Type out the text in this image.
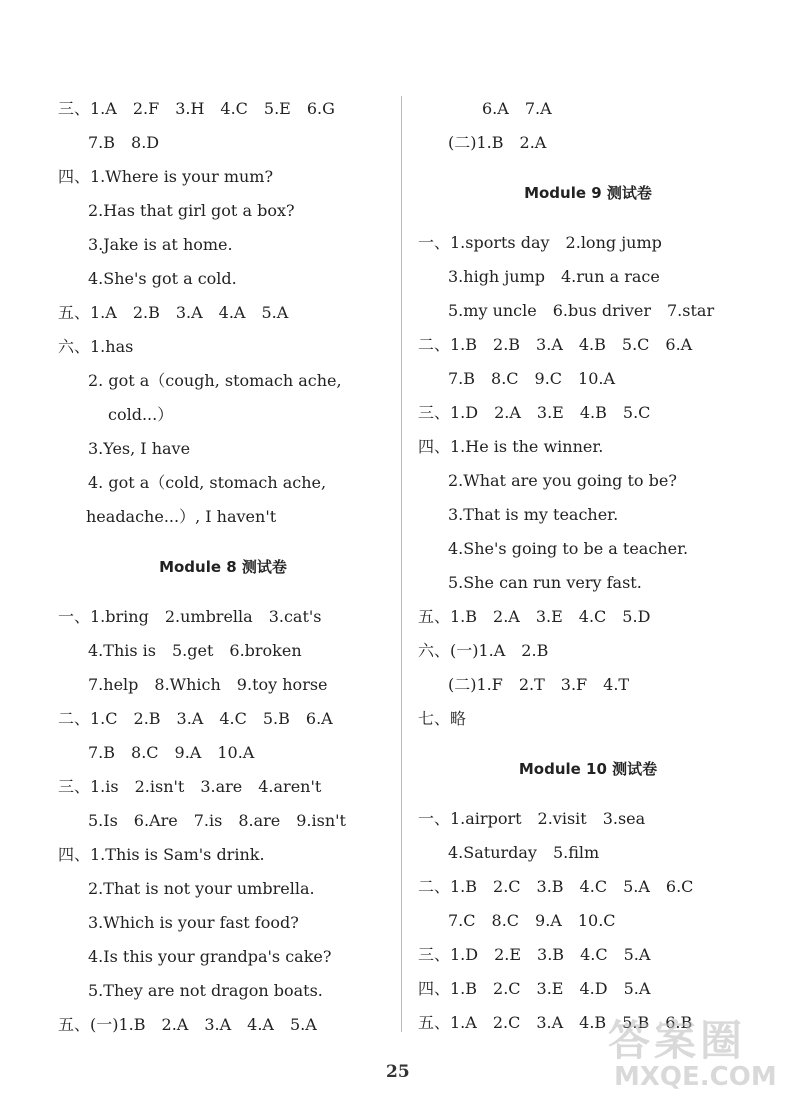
三、1.A　2.F　3.H　4.C　5.E　6.G
7.B　8.D
四、1.Where is your mum?
2.Has that girl got a box?
3.Jake is at home.
4.She's got a cold.
五、1.A　2.B　3.A　4.A　5.A
六、1.has
2. got a（cough, stomach ache,
cold...）
3.Yes, I have
4. got a（cold, stomach ache,
headache...）, I haven't
Module 8 测试卷
一、1.bring　2.umbrella　3.cat's
4.This is　5.get　6.broken
7.help　8.Which　9.toy horse
二、1.C　2.B　3.A　4.C　5.B　6.A
7.B　8.C　9.A　10.A
三、1.is　2.isn't　3.are　4.aren't
5.Is　6.Are　7.is　8.are　9.isn't
四、1.This is Sam's drink.
2.That is not your umbrella.
3.Which is your fast food?
4.Is this your grandpa's cake?
5.They are not dragon boats.
五、(一)1.B　2.A　3.A　4.A　5.A
6.A　7.A
(二)1.B　2.A
Module 9 测试卷
一、1.sports day　2.long jump
3.high jump　4.run a race
5.my uncle　6.bus driver　7.star
二、1.B　2.B　3.A　4.B　5.C　6.A
7.B　8.C　9.C　10.A
三、1.D　2.A　3.E　4.B　5.C
四、1.He is the winner.
2.What are you going to be?
3.That is my teacher.
4.She's going to be a teacher.
5.She can run very fast.
五、1.B　2.A　3.E　4.C　5.D
六、(一)1.A　2.B
(二)1.F　2.T　3.F　4.T
七、略
Module 10 测试卷
一、1.airport　2.visit　3.sea
4.Saturday　5.film
二、1.B　2.C　3.B　4.C　5.A　6.C
7.C　8.C　9.A　10.C
三、1.D　2.E　3.B　4.C　5.A
四、1.B　2.C　3.E　4.D　5.A
五、1.A　2.C　3.A　4.B　5.B　6.B
25
答案圈
MXQE.COM
